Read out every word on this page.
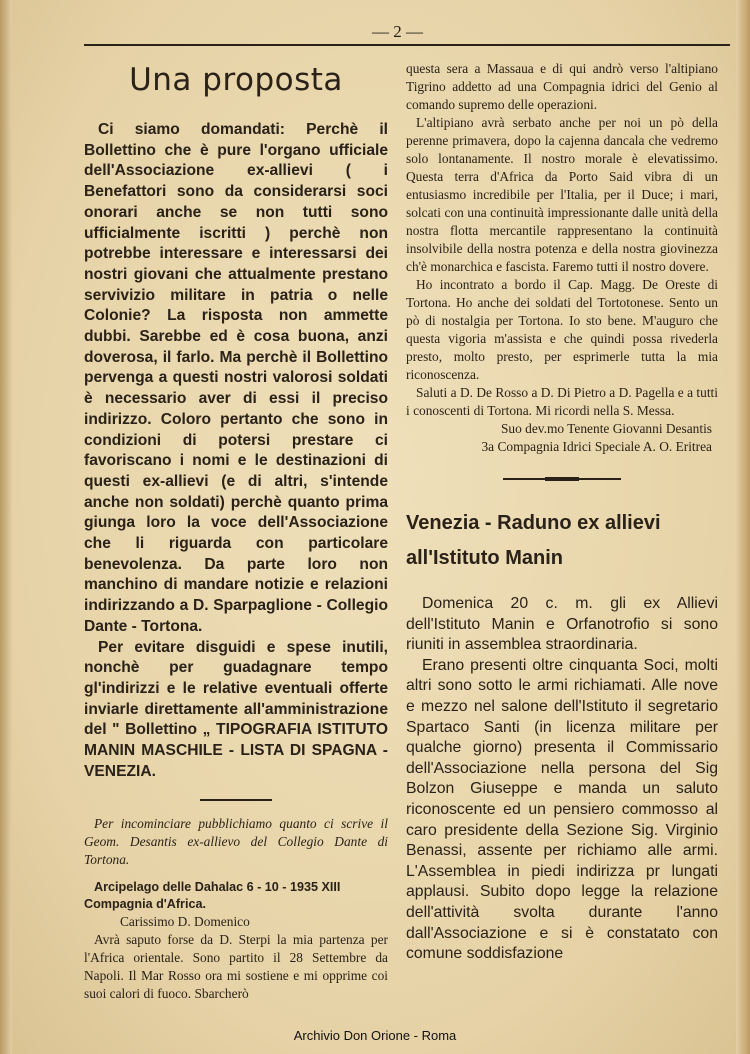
— 2 —
Una proposta

Ci siamo domandati: Perchè il Bollettino che è pure l'organo ufficiale dell'Associazione ex-allievi ( i Benefattori sono da considerarsi soci onorari anche se non tutti sono ufficialmente iscritti ) perchè non potrebbe interessare e interessarsi dei nostri giovani che attualmente prestano servivizio militare in patria o nelle Colonie? La risposta non ammette dubbi. Sarebbe ed è cosa buona, anzi doverosa, il farlo. Ma perchè il Bollettino pervenga a questi nostri valorosi soldati è necessario aver di essi il preciso indirizzo. Coloro pertanto che sono in condizioni di potersi prestare ci favoriscano i nomi e le destinazioni di questi ex-allievi (e di altri, s'intende anche non soldati) perchè quanto prima giunga loro la voce dell'Associazione che li riguarda con particolare benevolenza. Da parte loro non manchino di mandare notizie e relazioni indirizzando a D. Sparpaglione - Collegio Dante - Tortona.

Per evitare disguidi e spese inutili, nonchè per guadagnare tempo gl'indirizzi e le relative eventuali offerte inviarle direttamente all'amministrazione del " Bollettino „ TIPOGRAFIA ISTITUTO MANIN MASCHILE - LISTA DI SPAGNA - VENEZIA.

Per incominciare pubblichiamo quanto ci scrive il Geom. Desantis ex-allievo del Collegio Dante di Tortona.

Arcipelago delle Dahalac 6 - 10 - 1935 XIII

Compagnia d'Africa.

Carissimo D. Domenico

Avrà saputo forse da D. Sterpi la mia partenza per l'Africa orientale. Sono partito il 28 Settembre da Napoli. Il Mar Rosso ora mi sostiene e mi opprime coi suoi calori di fuoco. Sbarcherò

questa sera a Massaua e di qui andrò verso l'altipiano Tigrino addetto ad una Compagnia idrici del Genio al comando supremo delle operazioni.

L'altipiano avrà serbato anche per noi un pò della perenne primavera, dopo la cajenna dancala che vedremo solo lontanamente. Il nostro morale è elevatissimo. Questa terra d'Africa da Porto Said vibra di un entusiasmo incredibile per l'Italia, per il Duce; i mari, solcati con una continuità impressionante dalle unità della nostra flotta mercantile rappresentano la continuità insolvibile della nostra potenza e della nostra giovinezza ch'è monarchica e fascista. Faremo tutti il nostro dovere.

Ho incontrato a bordo il Cap. Magg. De Oreste di Tortona. Ho anche dei soldati del Tortotonese. Sento un pò di nostalgia per Tortona. Io sto bene. M'auguro che questa vigoria m'assista e che quindi possa rivederla presto, molto presto, per esprimerle tutta la mia riconoscenza.

Saluti a D. De Rosso a D. Di Pietro a D. Pagella e a tutti i conoscenti di Tortona. Mi ricordi nella S. Messa.

Suo dev.mo Tenente Giovanni Desantis

3a Compagnia Idrici Speciale A. O. Eritrea

Venezia - Raduno ex allievi all'Istituto Manin

Domenica 20 c. m. gli ex Allievi dell'Istituto Manin e Orfanotrofio si sono riuniti in assemblea straordinaria.

Erano presenti oltre cinquanta Soci, molti altri sono sotto le armi richiamati. Alle nove e mezzo nel salone dell'Istituto il segretario Spartaco Santi (in licenza militare per qualche giorno) presenta il Commissario dell'Associazione nella persona del Sig Bolzon Giuseppe e manda un saluto riconoscente ed un pensiero commosso al caro presidente della Sezione Sig. Virginio Benassi, assente per richiamo alle armi. L'Assemblea in piedi indirizza pr lungati applausi. Subito dopo legge la relazione dell'attività svolta durante l'anno dall'Associazione e si è constatato con comune soddisfazione

Archivio Don Orione - Roma
